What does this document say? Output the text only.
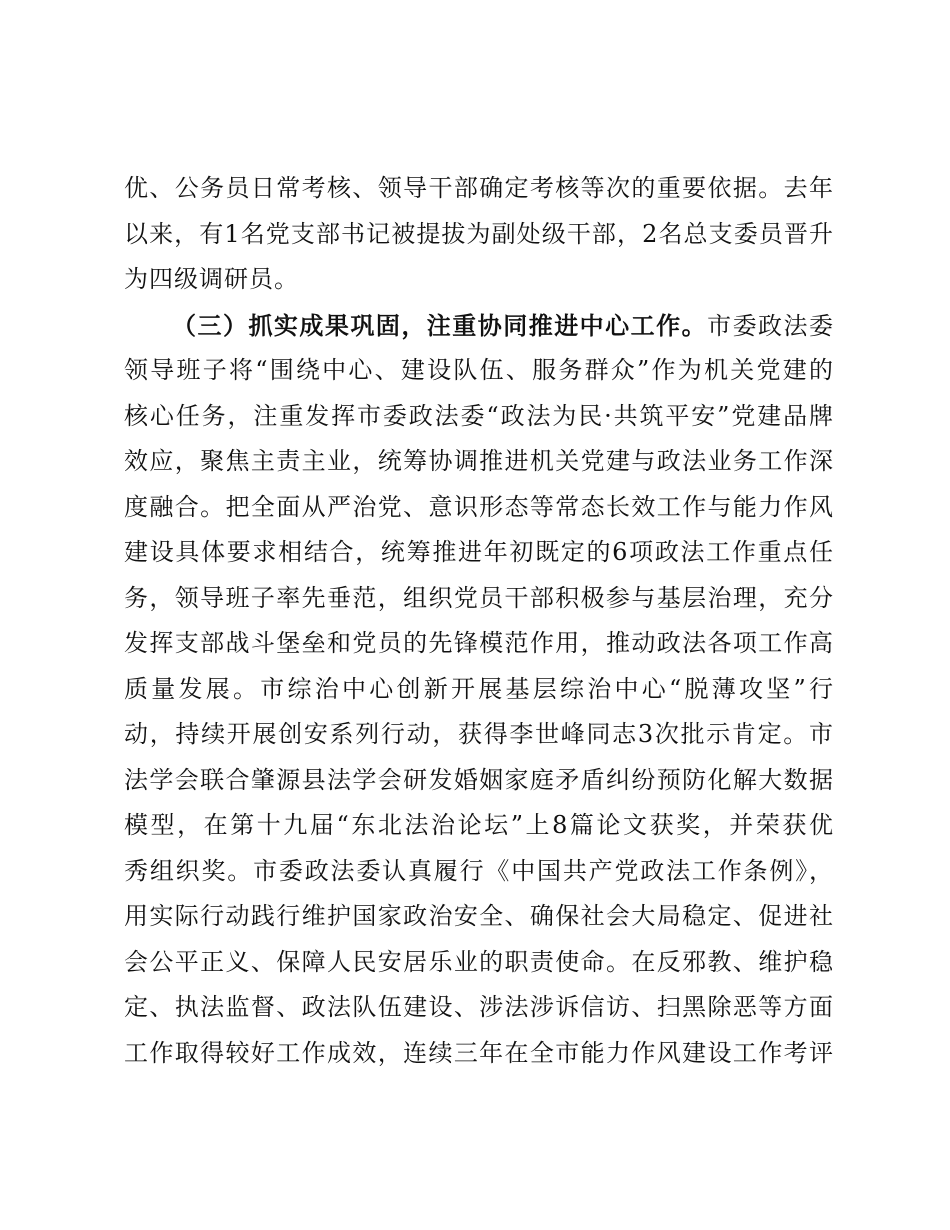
优、公务员日常考核、领导干部确定考核等次的重要依据。去年
以来，有1名党支部书记被提拔为副处级干部，2名总支委员晋升
为四级调研员。
（三）抓实成果巩固，注重协同推进中心工作。市委政法委
领导班子将“围绕中心、建设队伍、服务群众”作为机关党建的
核心任务，注重发挥市委政法委“政法为民·共筑平安”党建品牌
效应，聚焦主责主业，统筹协调推进机关党建与政法业务工作深
度融合。把全面从严治党、意识形态等常态长效工作与能力作风
建设具体要求相结合，统筹推进年初既定的6项政法工作重点任
务，领导班子率先垂范，组织党员干部积极参与基层治理，充分
发挥支部战斗堡垒和党员的先锋模范作用，推动政法各项工作高
质量发展。市综治中心创新开展基层综治中心“脱薄攻坚”行
动，持续开展创安系列行动，获得李世峰同志3次批示肯定。市
法学会联合肇源县法学会研发婚姻家庭矛盾纠纷预防化解大数据
模型，在第十九届“东北法治论坛”上8篇论文获奖，并荣获优
秀组织奖。市委政法委认真履行《中国共产党政法工作条例》，
用实际行动践行维护国家政治安全、确保社会大局稳定、促进社
会公平正义、保障人民安居乐业的职责使命。在反邪教、维护稳
定、执法监督、政法队伍建设、涉法涉诉信访、扫黑除恶等方面
工作取得较好工作成效，连续三年在全市能力作风建设工作考评
